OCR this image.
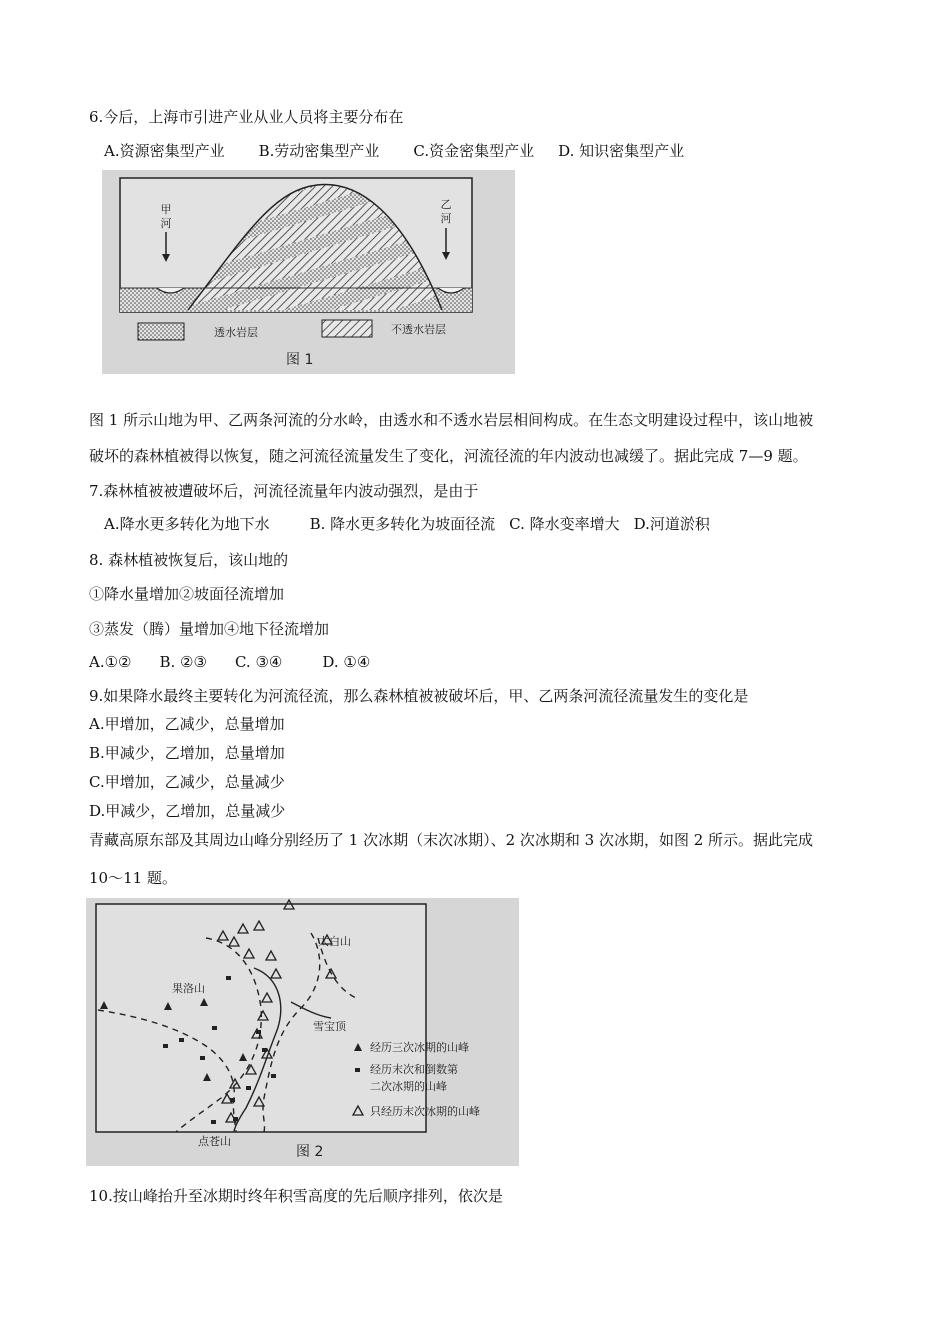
6.今后，上海市引进产业从业人员将主要分布在
A.资源密集型产业 B.劳动密集型产业 C.资金密集型产业 D. 知识密集型产业
甲
河
乙
河
透水岩层	不透水岩层
图 1
图 1 所示山地为甲、乙两条河流的分水岭，由透水和不透水岩层相间构成。在生态文明建设过程中，该山地被
破坏的森林植被得以恢复，随之河流径流量发生了变化，河流径流的年内波动也减缓了。据此完成 7—9 题。
7.森林植被被遭破坏后，河流径流量年内波动强烈，是由于
A.降水更多转化为地下水	B. 降水更多转化为坡面径流 C. 降水变率增大 D.河道淤积
8. 森林植被恢复后，该山地的
①降水量增加②坡面径流增加
③蒸发（腾）量增加④地下径流增加
A.①② B. ②③ C. ③④	D. ①④
9.如果降水最终主要转化为河流径流，那么森林植被被破坏后，甲、乙两条河流径流量发生的变化是
A.甲增加，乙减少，总量增加
B.甲减少，乙增加，总量增加
C.甲增加，乙减少，总量减少
D.甲减少，乙增加，总量减少
青藏高原东部及其周边山峰分别经历了 1 次冰期（末次冰期）、2 次冰期和 3 次冰期，如图 2 所示。据此完成
10～11 题。
太白山
果洛山
雪宝顶
点苍山
经历三次冰期的山峰
经历末次和倒数第
二次冰期的山峰
只经历末次冰期的山峰
图 2
10.按山峰抬升至冰期时终年积雪高度的先后顺序排列，依次是
